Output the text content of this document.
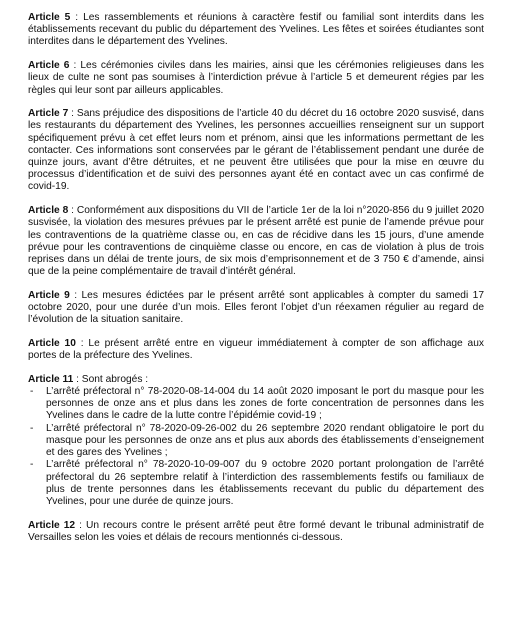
Article 5 : Les rassemblements et réunions à caractère festif ou familial sont interdits dans les établissements recevant du public du département des Yvelines. Les fêtes et soirées étudiantes sont interdites dans le département des Yvelines.

Article 6 : Les cérémonies civiles dans les mairies, ainsi que les cérémonies religieuses dans les lieux de culte ne sont pas soumises à l’interdiction prévue à l’article 5 et demeurent régies par les règles qui leur sont par ailleurs applicables.

Article 7 : Sans préjudice des dispositions de l’article 40 du décret du 16 octobre 2020 susvisé, dans les restaurants du département des Yvelines, les personnes accueillies renseignent sur un support spécifiquement prévu à cet effet leurs nom et prénom, ainsi que les informations permettant de les contacter. Ces informations sont conservées par le gérant de l’établissement pendant une durée de quinze jours, avant d’être détruites, et ne peuvent être utilisées que pour la mise en œuvre du processus d’identification et de suivi des personnes ayant été en contact avec un cas confirmé de covid-19.

Article 8 : Conformément aux dispositions du VII de l’article 1er de la loi n°2020-856 du 9 juillet 2020 susvisée, la violation des mesures prévues par le présent arrêté est punie de l’amende prévue pour les contraventions de la quatrième classe ou, en cas de récidive dans les 15 jours, d’une amende prévue pour les contraventions de cinquième classe ou encore, en cas de violation à plus de trois reprises dans un délai de trente jours, de six mois d’emprisonnement et de 3 750 € d’amende, ainsi que de la peine complémentaire de travail d’intérêt général.

Article 9 : Les mesures édictées par le présent arrêté sont applicables à compter du samedi 17 octobre 2020, pour une durée d’un mois. Elles feront l’objet d’un réexamen régulier au regard de l’évolution de la situation sanitaire.

Article 10 : Le présent arrêté entre en vigueur immédiatement à compter de son affichage aux portes de la préfecture des Yvelines.

Article 11 : Sont abrogés :
- L’arrêté préfectoral n° 78-2020-08-14-004 du 14 août 2020 imposant le port du masque pour les personnes de onze ans et plus dans les zones de forte concentration de personnes dans les Yvelines dans le cadre de la lutte contre l’épidémie covid-19 ;
- L’arrêté préfectoral n° 78-2020-09-26-002 du 26 septembre 2020 rendant obligatoire le port du masque pour les personnes de onze ans et plus aux abords des établissements d’enseignement et des gares des Yvelines ;
- L’arrêté préfectoral n° 78-2020-10-09-007 du 9 octobre 2020 portant prolongation de l’arrêté préfectoral du 26 septembre relatif à l’interdiction des rassemblements festifs ou familiaux de plus de trente personnes dans les établissements recevant du public du département des Yvelines, pour une durée de quinze jours.

Article 12 : Un recours contre le présent arrêté peut être formé devant le tribunal administratif de Versailles selon les voies et délais de recours mentionnés ci-dessous.
